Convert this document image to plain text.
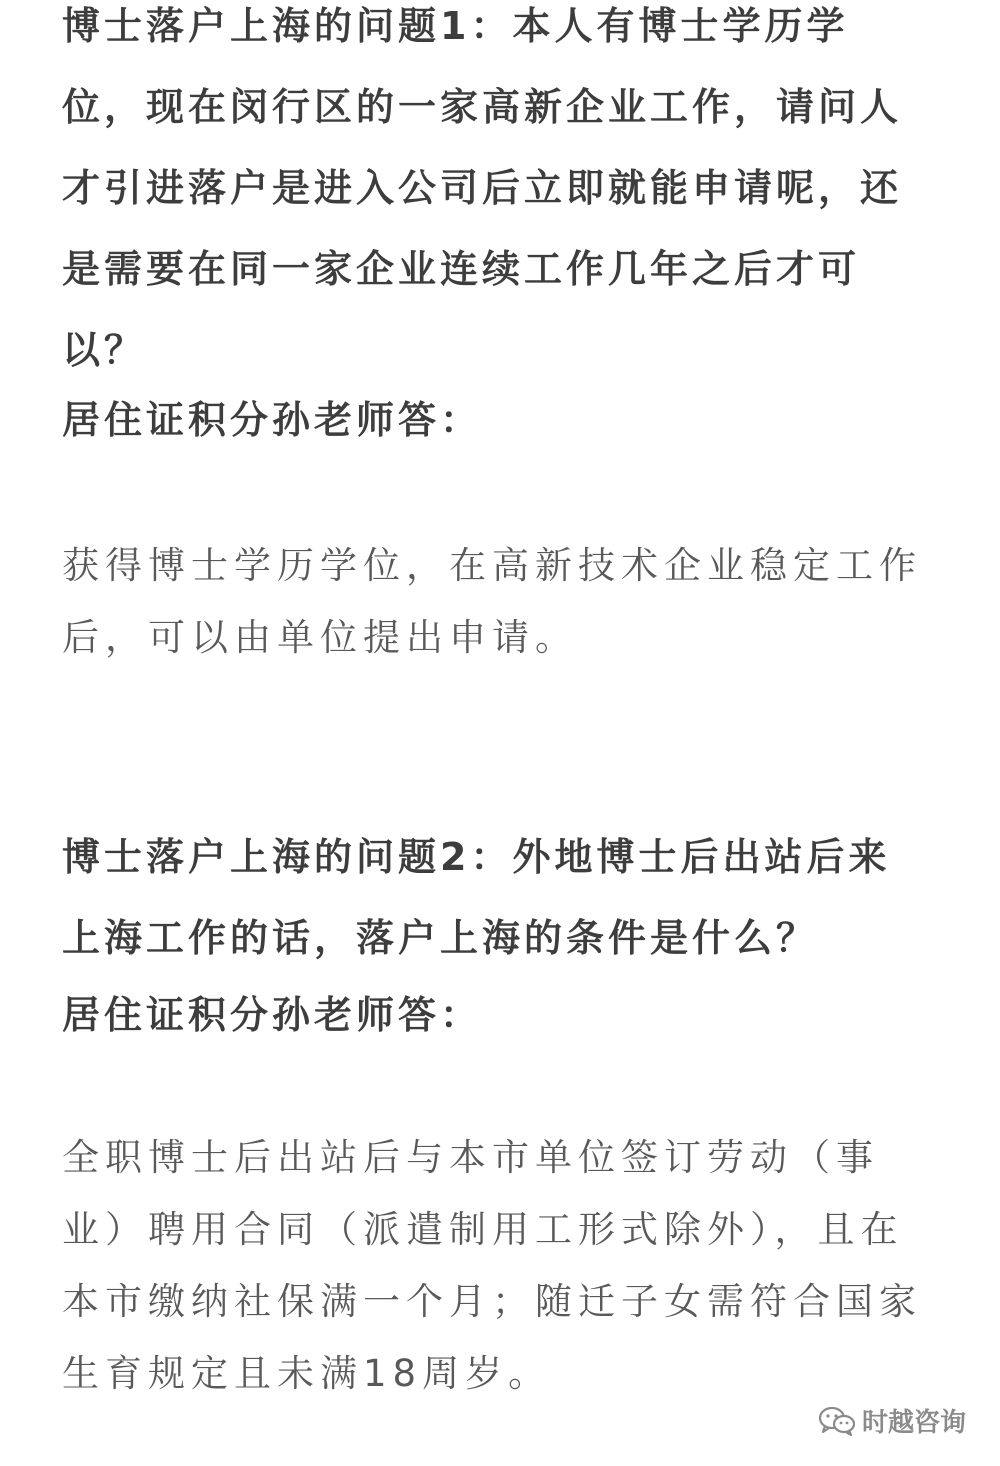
博士落户上海的问题1：本人有博士学历学位，现在闵行区的一家高新企业工作，请问人才引进落户是进入公司后立即就能申请呢，还是需要在同一家企业连续工作几年之后才可以？

居住证积分孙老师答：

获得博士学历学位，在高新技术企业稳定工作后，可以由单位提出申请。

博士落户上海的问题2：外地博士后出站后来上海工作的话，落户上海的条件是什么？

居住证积分孙老师答：

全职博士后出站后与本市单位签订劳动（事业）聘用合同（派遣制用工形式除外），且在本市缴纳社保满一个月；随迁子女需符合国家生育规定且未满18周岁。

时越咨询
